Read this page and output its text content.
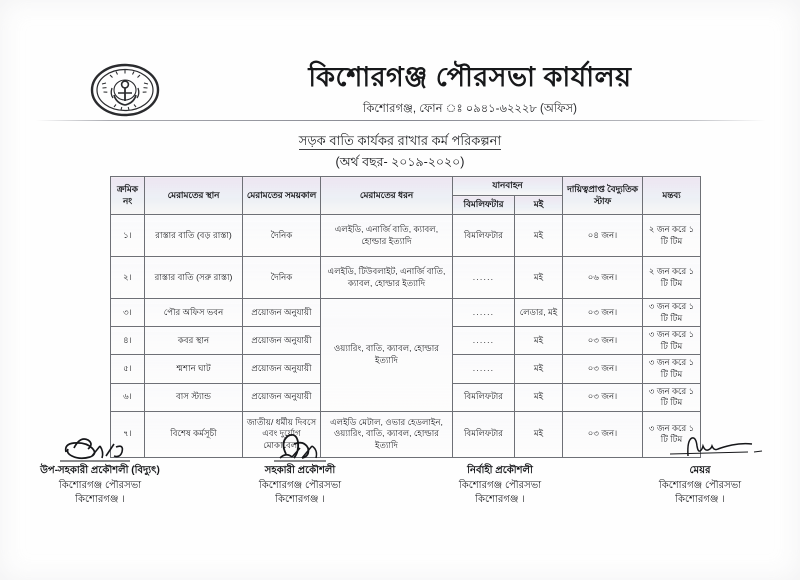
কিশোরগঞ্জ পৌরসভা কার্যালয়
কিশোরগঞ্জ, ফোন ঃ ০৯৪১-৬২২২৮ (অফিস)
সড়ক বাতি কার্যকর রাখার কর্ম পরিকল্পনা
(অর্থ বছর- ২০১৯-২০২০)
ক্রমিক নং	মেরামতের স্থান	মেরামতের সময়কাল	মেরামতের ধরন	যানবাহন		দায়িত্বপ্রাপ্ত বৈদ্যুতিক স্টাফ	মন্তব্য
				বিমলিফটার	মই		
১।	রাস্তার বাতি (বড় রাস্তা)	দৈনিক	এলইডি, এনার্জি বাতি, ক্যাবল, হোল্ডার ইত্যাদি	বিমলিফটার	মই	০৪ জন।	২ জন করে ১ টি টিম
২।	রাস্তার বাতি (সরু রাস্তা)	দৈনিক	এলইডি, টিউবলাইট, এনার্জি বাতি, ক্যাবল, হোল্ডার ইত্যাদি	......	মই	০৬ জন।	২ জন করে ১ টি টিম
৩।	পৌর অফিস ভবন	প্রয়োজন অনুযায়ী	ওয়্যারিং, বাতি, ক্যাবল, হোল্ডার ইত্যাদি	......	লেডার, মই	০৩ জন।	৩ জন করে ১ টি টিম
৪।	কবর স্থান	প্রয়োজন অনুযায়ী		......	মই	০৩ জন।	৩ জন করে ১ টি টিম
৫।	শ্মশান ঘাট	প্রয়োজন অনুযায়ী		......	মই	০৩ জন।	৩ জন করে ১ টি টিম
৬।	বাস স্ট্যান্ড	প্রয়োজন অনুযায়ী		বিমলিফটার	মই	০৩ জন।	৩ জন করে ১ টি টিম
৭।	বিশেষ কর্মসূচী	জাতীয়/ ধর্মীয় দিবসে এবং দুর্যোগ মোকাবেলা	এলইডি মেটাল, ওভার হেডলাইন, ওয়্যারিং, বাতি, ক্যাবল, হোল্ডার ইত্যাদি	বিমলিফটার	মই	০৩ জন।	৩ জন করে ১ টি টিম
উপ-সহকারী প্রকৌশলী (বিদ্যুৎ)
কিশোরগঞ্জ পৌরসভা
কিশোরগঞ্জ ।
সহকারী প্রকৌশলী
কিশোরগঞ্জ পৌরসভা
কিশোরগঞ্জ ।
নির্বাহী প্রকৌশলী
কিশোরগঞ্জ পৌরসভা
কিশোরগঞ্জ ।
মেয়র
কিশোরগঞ্জ পৌরসভা
কিশোরগঞ্জ ।
